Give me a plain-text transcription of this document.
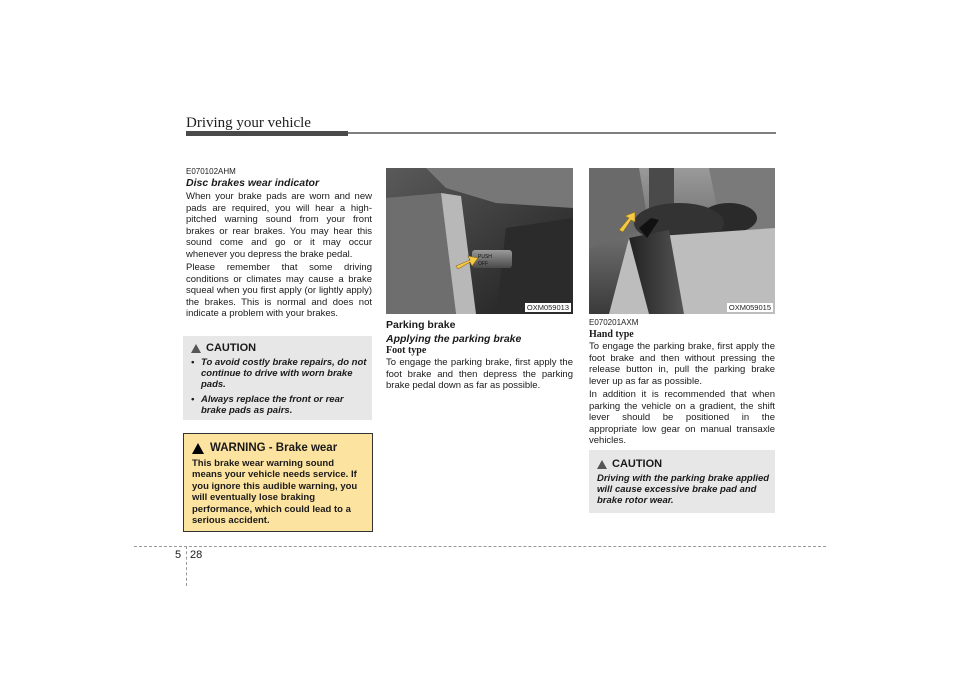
Driving your vehicle
E070102AHM
Disc brakes wear indicator
When your brake pads are worn and new pads are required, you will hear a high-pitched warning sound from your front brakes or rear brakes. You may hear this sound come and go or it may occur whenever you depress the brake pedal.
Please remember that some driving conditions or climates may cause a brake squeal when you first apply (or lightly apply) the brakes. This is normal and does not indicate a problem with your brakes.
CAUTION
• To avoid costly brake repairs, do not continue to drive with worn brake pads.
• Always replace the front or rear brake pads as pairs.
WARNING - Brake wear
This brake wear warning sound means your vehicle needs service. If you ignore this audible warning, you will eventually lose braking performance, which could lead to a serious accident.
PUSH
OFF
OXM059013
Parking brake
Applying the parking brake
Foot type
To engage the parking brake, first apply the foot brake and then depress the parking brake pedal down as far as possible.
OXM059015
E070201AXM
Hand type
To engage the parking brake, first apply the foot brake and then without pressing the release button in, pull the parking brake lever up as far as possible.
In addition it is recommended that when parking the vehicle on a gradient, the shift lever should be positioned in the appropriate low gear on manual transaxle vehicles.
CAUTION
Driving with the parking brake applied will cause excessive brake pad and brake rotor wear.
5 28
